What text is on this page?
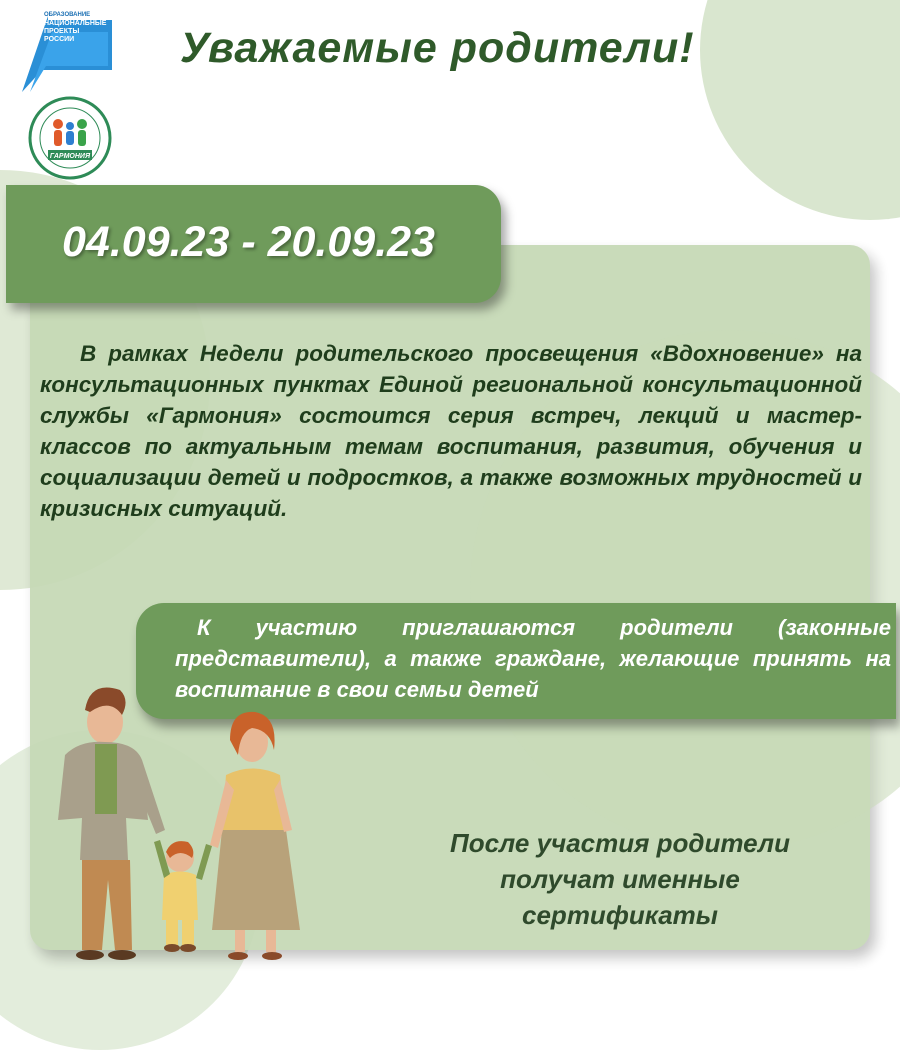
ОБРАЗОВАНИЕ
НАЦИОНАЛЬНЫЕ
ПРОЕКТЫ
РОССИИ
ГАРМОНИЯ
Уважаемые родители!
04.09.23 - 20.09.23
В рамках Недели родительского просвещения «Вдохновение» на консультационных пунктах Единой региональной консультационной службы «Гармония» состоится серия встреч, лекций и мастер-классов по актуальным темам воспитания, развития, обучения и социализации детей и подростков, а также возможных трудностей и кризисных ситуаций.
К участию приглашаются родители (законные представители), а также граждане, желающие принять на воспитание в свои семьи детей
После участия родители
получат именные
сертификаты
